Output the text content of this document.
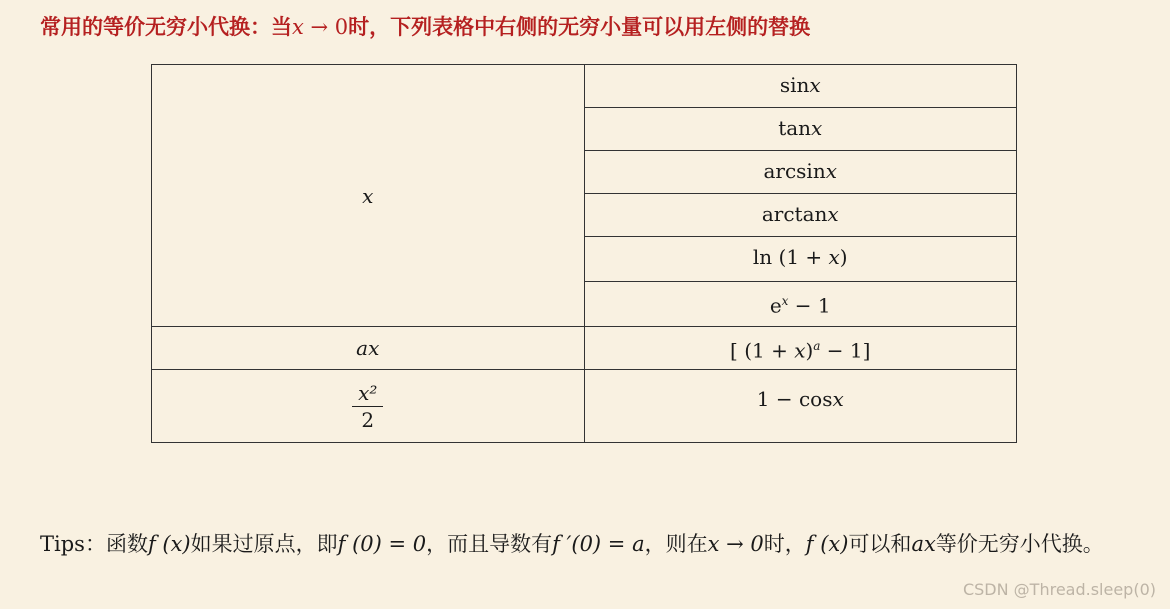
常用的等价无穷小代换：当x → 0时，下列表格中右侧的无穷小量可以用左侧的替换
x	sinx
	tanx
	arcsinx
	arctanx
	ln (1 + x)
	$e^x - 1$
ax	[ $(1 + x)^a - 1$]

$\frac{\text{x²}}{2}$	1 − cosx
Tips：函数f (x)如果过原点，即f (0) = 0，而且导数有f ′(0) = a，则在x → 0时，f (x)可以和ax等价无穷小代换。
CSDN @Thread.sleep(0)
